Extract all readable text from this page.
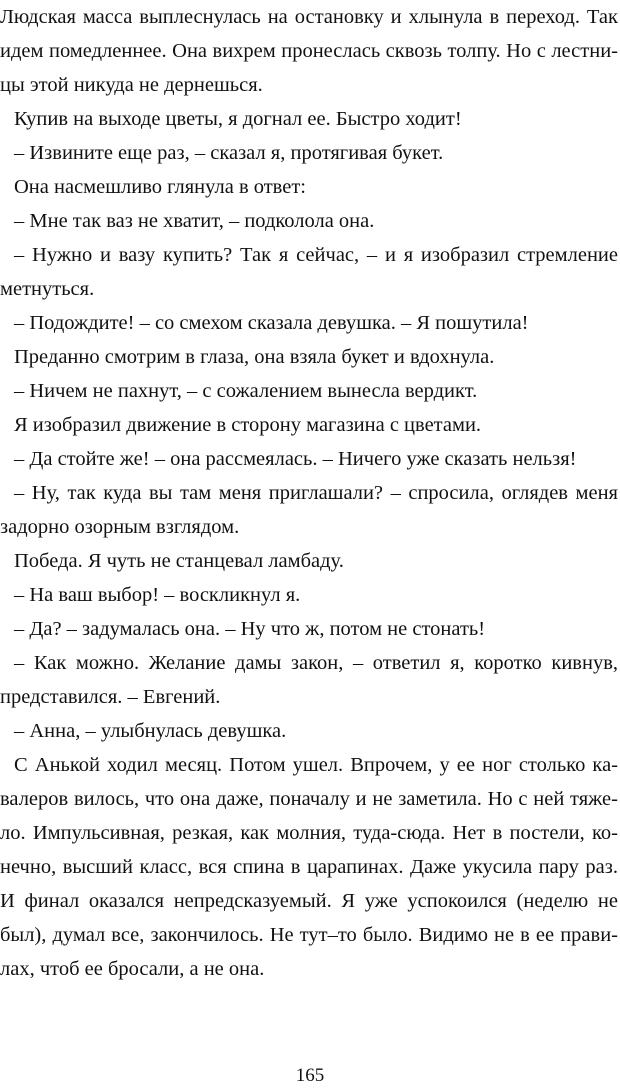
Людская масса выплеснулась на остановку и хлынула в переход. Так
идем помедленнее. Она вихрем пронеслась сквозь толпу. Но с лестни-
цы этой никуда не дернешься.
Купив на выходе цветы, я догнал ее. Быстро ходит!
– Извините еще раз, – сказал я, протягивая букет.
Она насмешливо глянула в ответ:
– Мне так ваз не хватит, – подколола она.
– Нужно и вазу купить? Так я сейчас, – и я изобразил стремление
метнуться.
– Подождите! – со смехом сказала девушка. – Я пошутила!
Преданно смотрим в глаза, она взяла букет и вдохнула.
– Ничем не пахнут, – с сожалением вынесла вердикт.
Я изобразил движение в сторону магазина с цветами.
– Да стойте же! – она рассмеялась. – Ничего уже сказать нельзя!
– Ну, так куда вы там меня приглашали? – спросила, оглядев меня
задорно озорным взглядом.
Победа. Я чуть не станцевал ламбаду.
– На ваш выбор! – воскликнул я.
– Да? – задумалась она. – Ну что ж, потом не стонать!
– Как можно. Желание дамы закон, – ответил я, коротко кивнув,
представился. – Евгений.
– Анна, – улыбнулась девушка.
С Анькой ходил месяц. Потом ушел. Впрочем, у ее ног столько ка-
валеров вилось, что она даже, поначалу и не заметила. Но с ней тяже-
ло. Импульсивная, резкая, как молния, туда-сюда. Нет в постели, ко-
нечно, высший класс, вся спина в царапинах. Даже укусила пару раз.
И финал оказался непредсказуемый. Я уже успокоился (неделю не
был), думал все, закончилось. Не тут–то было. Видимо не в ее прави-
лах, чтоб ее бросали, а не она.
165
